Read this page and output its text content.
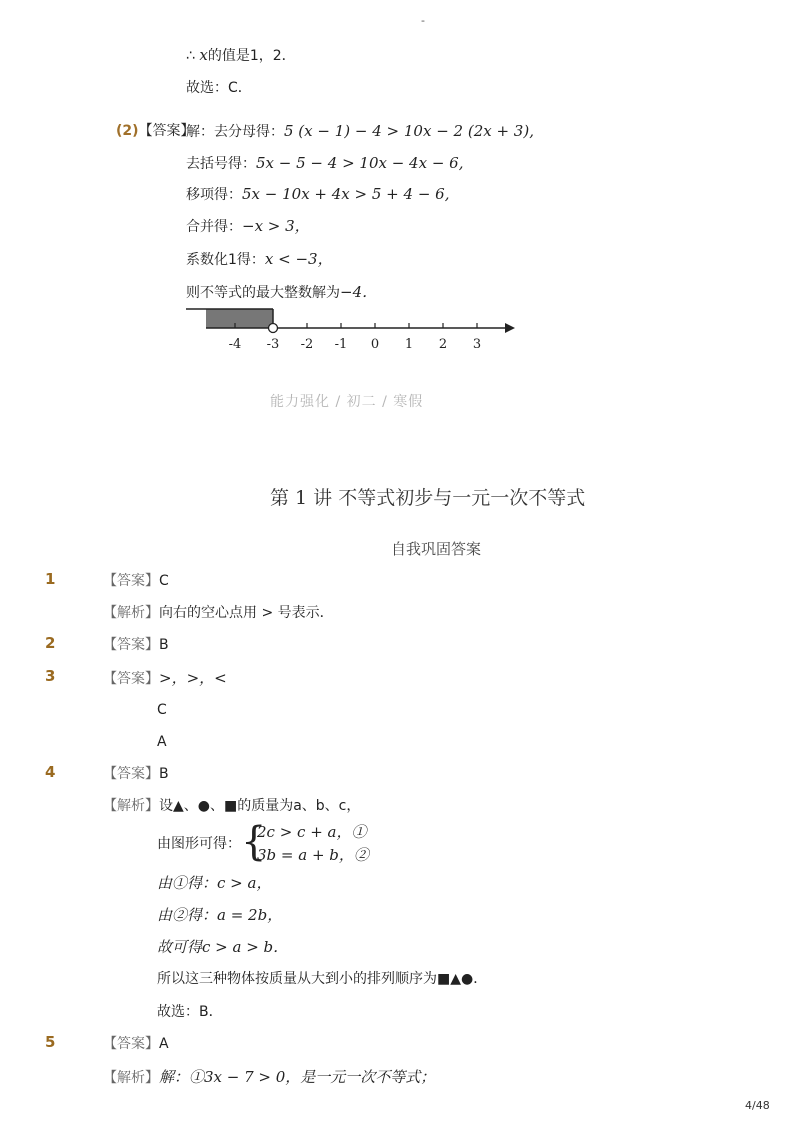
-
∴ x的值是1，2．
故选：C．
(2)【答案】
解：去分母得：5 (x − 1) − 4 > 10x − 2 (2x + 3),
去括号得：5x − 5 − 4 > 10x − 4x − 6,
移项得：5x − 10x + 4x > 5 + 4 − 6,
合并得：−x > 3，
系数化1得：x < −3，
则不等式的最大整数解为−4．
-4 -3 -2 -1 0 1 2 3
能力强化 / 初二 / 寒假
第 1 讲 不等式初步与一元一次不等式
自我巩固答案
1	【答案】C
【解析】向右的空心点用 > 号表示．
2	【答案】B
3	【答案】>，>，<
C
A
4	【答案】B
【解析】设▲、●、■的质量为a、b、c，
由图形可得： {
2c > c + a，①
3b = a + b，②
由①得：c > a，
由②得：a = 2b，
故可得c > a > b．
所以这三种物体按质量从大到小的排列顺序为■▲●．
故选：B．
5	【答案】A
【解析】解：①3x − 7 > 0，是一元一次不等式；
4/48
